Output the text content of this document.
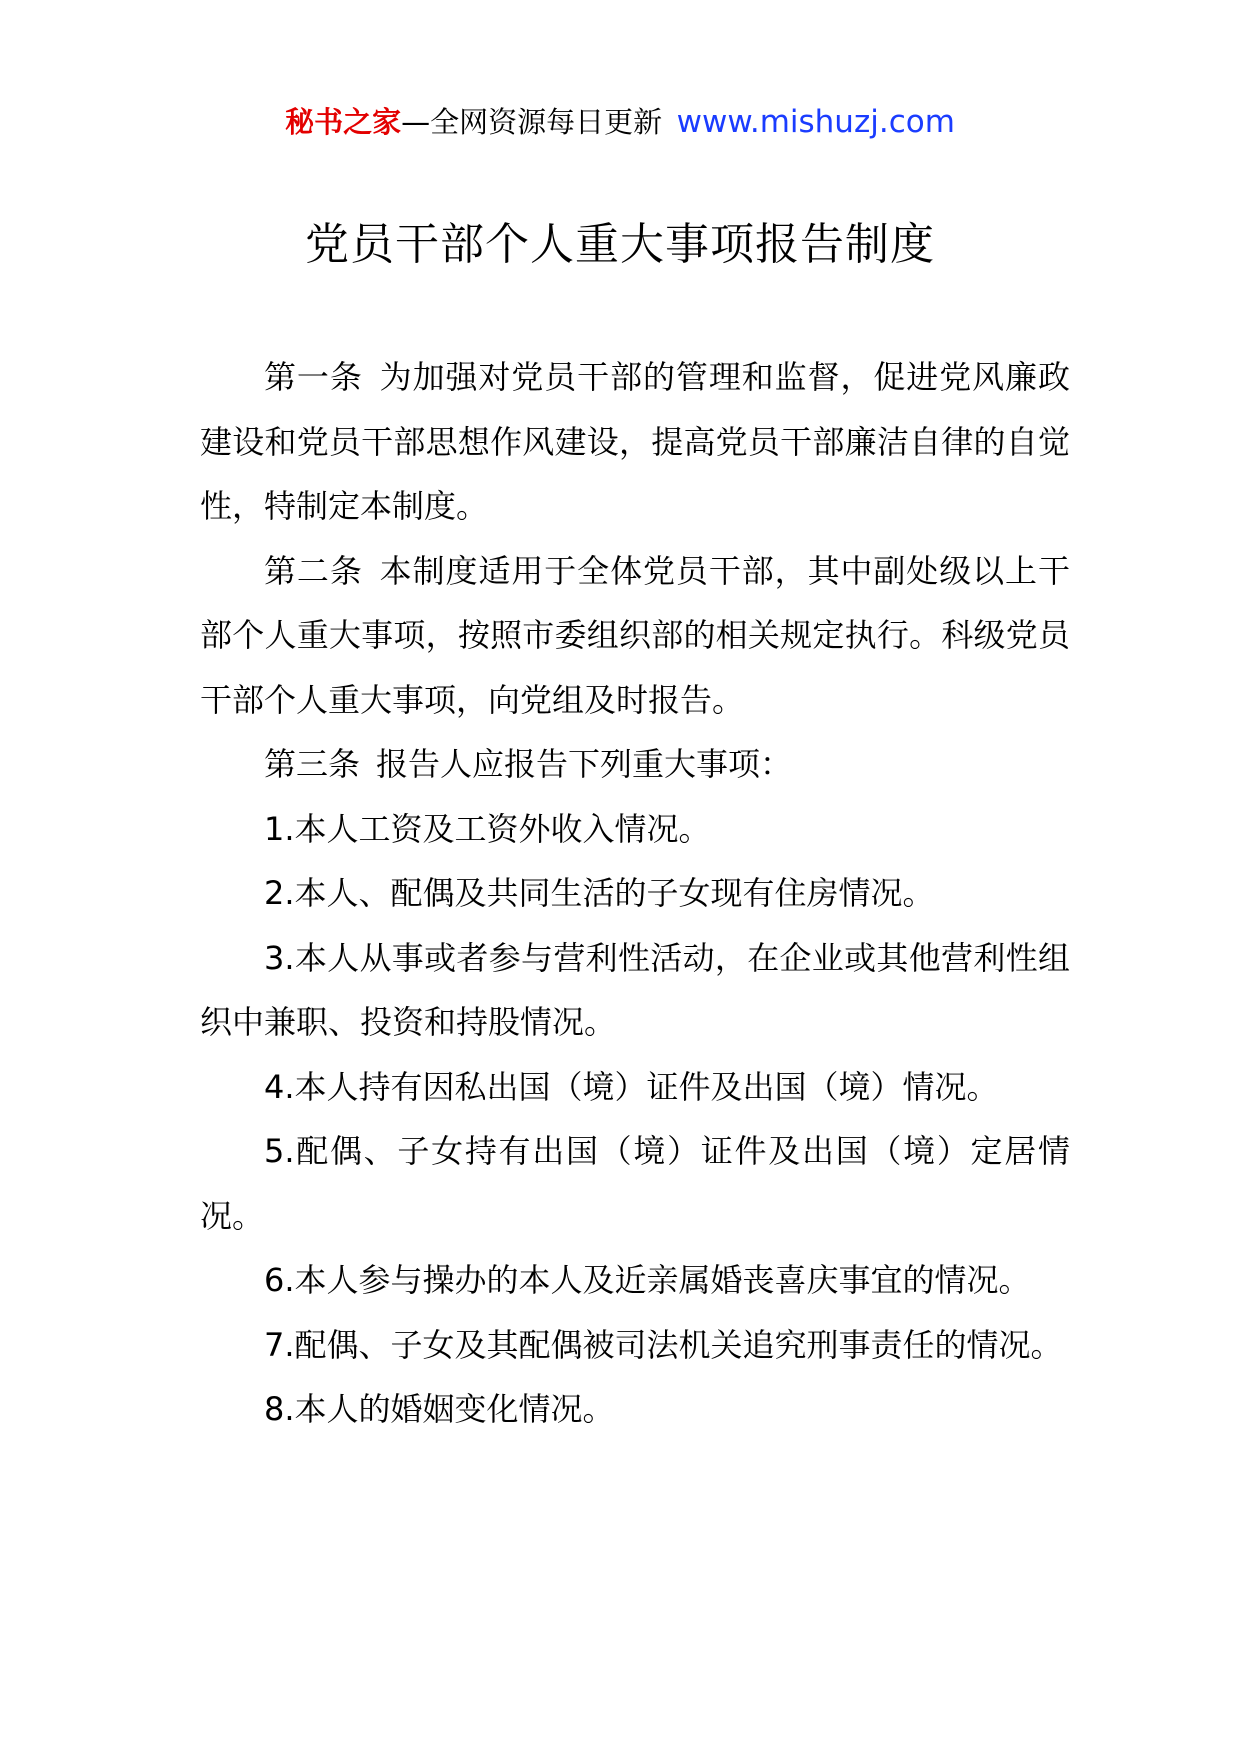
秘书之家—全网资源每日更新 www.mishuzj.com
党员干部个人重大事项报告制度

第一条 为加强对党员干部的管理和监督，促进党风廉政建设和党员干部思想作风建设，提高党员干部廉洁自律的自觉性，特制定本制度。

第二条 本制度适用于全体党员干部，其中副处级以上干部个人重大事项，按照市委组织部的相关规定执行。科级党员干部个人重大事项，向党组及时报告。

第三条 报告人应报告下列重大事项：

1.本人工资及工资外收入情况。

2.本人、配偶及共同生活的子女现有住房情况。

3.本人从事或者参与营利性活动，在企业或其他营利性组织中兼职、投资和持股情况。

4.本人持有因私出国（境）证件及出国（境）情况。

5.配偶、子女持有出国（境）证件及出国（境）定居情况。

6.本人参与操办的本人及近亲属婚丧喜庆事宜的情况。

7.配偶、子女及其配偶被司法机关追究刑事责任的情况。

8.本人的婚姻变化情况。
